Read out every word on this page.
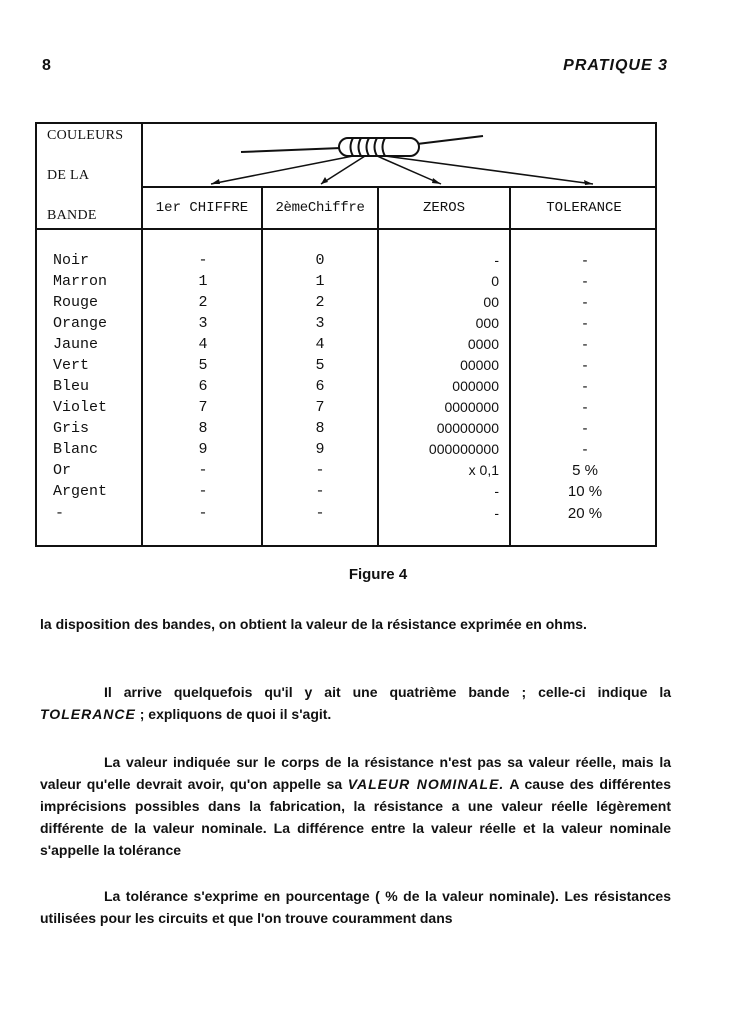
8	PRATIQUE 3
COULEURS
DE LA
BANDE	1er CHIFFRE	2èmeChiffre	ZEROS	TOLERANCE
Noir	-	0	-	-
Marron	1	1	0	-
Rouge	2	2	00	-
Orange	3	3	000	-
Jaune	4	4	0000	-
Vert	5	5	00000	-
Bleu	6	6	000000	-
Violet	7	7	0000000	-
Gris	8	8	00000000	-
Blanc	9	9	000000000	-
Or	-	-	x 0,1	5 %
Argent	-	-	-	10 %
-	-	-	-	20 %
Figure 4

la disposition des bandes, on obtient la valeur de la résistance exprimée en ohms.

Il arrive quelquefois qu'il y ait une quatrième bande ; celle-ci indique la TOLERANCE ; expliquons de quoi il s'agit.

La valeur indiquée sur le corps de la résistance n'est pas sa valeur réelle, mais la valeur qu'elle devrait avoir, qu'on appelle sa VALEUR NOMINALE. A cause des différentes imprécisions possibles dans la fabrication, la résistance a une valeur réelle légèrement différente de la valeur nominale. La différence entre la valeur réelle et la valeur nominale s'appelle la tolérance

La tolérance s'exprime en pourcentage ( % de la valeur nominale). Les résistances utilisées pour les circuits et que l'on trouve couramment dans
